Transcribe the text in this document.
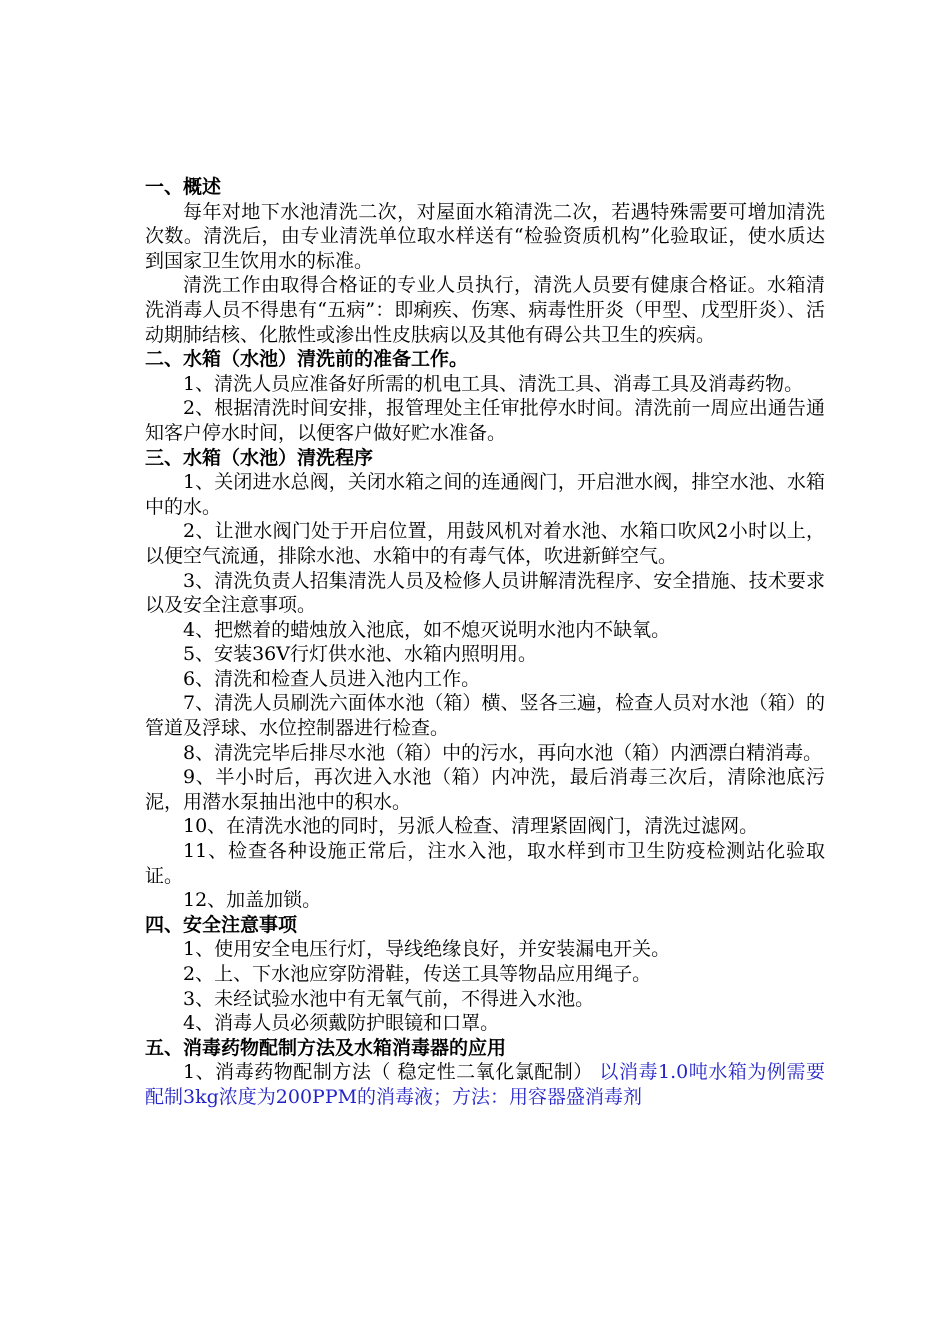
一、概述

每年对地下水池清洗二次，对屋面水箱清洗二次，若遇特殊需要可增加清洗次数。清洗后，由专业清洗单位取水样送有“检验资质机构”化验取证，使水质达到国家卫生饮用水的标准。

清洗工作由取得合格证的专业人员执行，清洗人员要有健康合格证。水箱清洗消毒人员不得患有“五病”：即痢疾、伤寒、病毒性肝炎（甲型、戊型肝炎）、活动期肺结核、化脓性或渗出性皮肤病以及其他有碍公共卫生的疾病。

二、水箱（水池）清洗前的准备工作。

1、清洗人员应准备好所需的机电工具、清洗工具、消毒工具及消毒药物。

2、根据清洗时间安排，报管理处主任审批停水时间。清洗前一周应出通告通知客户停水时间，以便客户做好贮水准备。

三、水箱（水池）清洗程序

1、关闭进水总阀，关闭水箱之间的连通阀门，开启泄水阀，排空水池、水箱中的水。

2、让泄水阀门处于开启位置，用鼓风机对着水池、水箱口吹风2小时以上，以便空气流通，排除水池、水箱中的有毒气体，吹进新鲜空气。

3、清洗负责人招集清洗人员及检修人员讲解清洗程序、安全措施、技术要求以及安全注意事项。

4、把燃着的蜡烛放入池底，如不熄灭说明水池内不缺氧。

5、安装36V行灯供水池、水箱内照明用。

6、清洗和检查人员进入池内工作。

7、清洗人员刷洗六面体水池（箱）横、竖各三遍，检查人员对水池（箱）的管道及浮球、水位控制器进行检查。

8、清洗完毕后排尽水池（箱）中的污水，再向水池（箱）内洒漂白精消毒。

9、半小时后，再次进入水池（箱）内冲洗，最后消毒三次后，清除池底污泥，用潜水泵抽出池中的积水。

10、在清洗水池的同时，另派人检查、清理紧固阀门，清洗过滤网。

11、检查各种设施正常后，注水入池，取水样到市卫生防疫检测站化验取证。

12、加盖加锁。

四、安全注意事项

1、使用安全电压行灯，导线绝缘良好，并安装漏电开关。

2、上、下水池应穿防滑鞋，传送工具等物品应用绳子。

3、未经试验水池中有无氧气前，不得进入水池。

4、消毒人员必须戴防护眼镜和口罩。

五、消毒药物配制方法及水箱消毒器的应用

1、消毒药物配制方法（ 稳定性二氧化氯配制） 以消毒1.0吨水箱为例需要配制3kg浓度为200PPM的消毒液；方法：用容器盛消毒剂
